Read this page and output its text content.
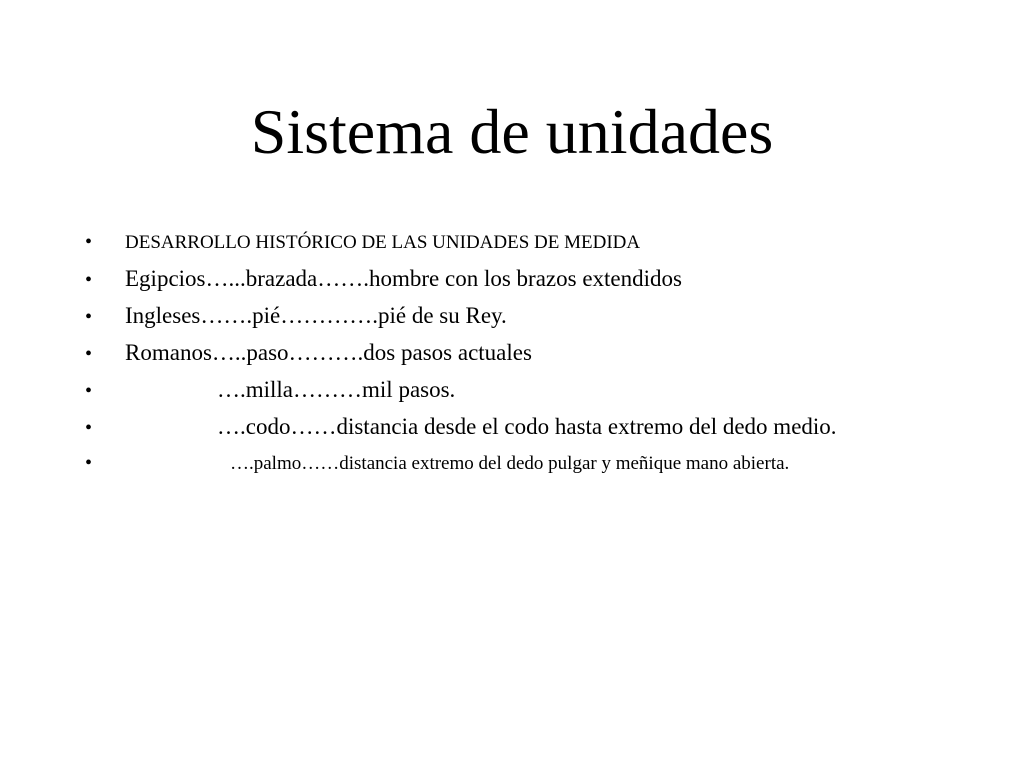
Sistema de unidades
•	DESARROLLO HISTÓRICO DE LAS UNIDADES DE MEDIDA
•	Egipcios…...brazada…….hombre con los brazos extendidos
•	Ingleses…….pié………….pié de su Rey.
•	Romanos…..paso……….dos pasos actuales
•	….milla………mil pasos.
•	….codo……distancia desde el codo hasta extremo del dedo medio.
•	….palmo……distancia extremo del dedo pulgar y meñique mano abierta.
